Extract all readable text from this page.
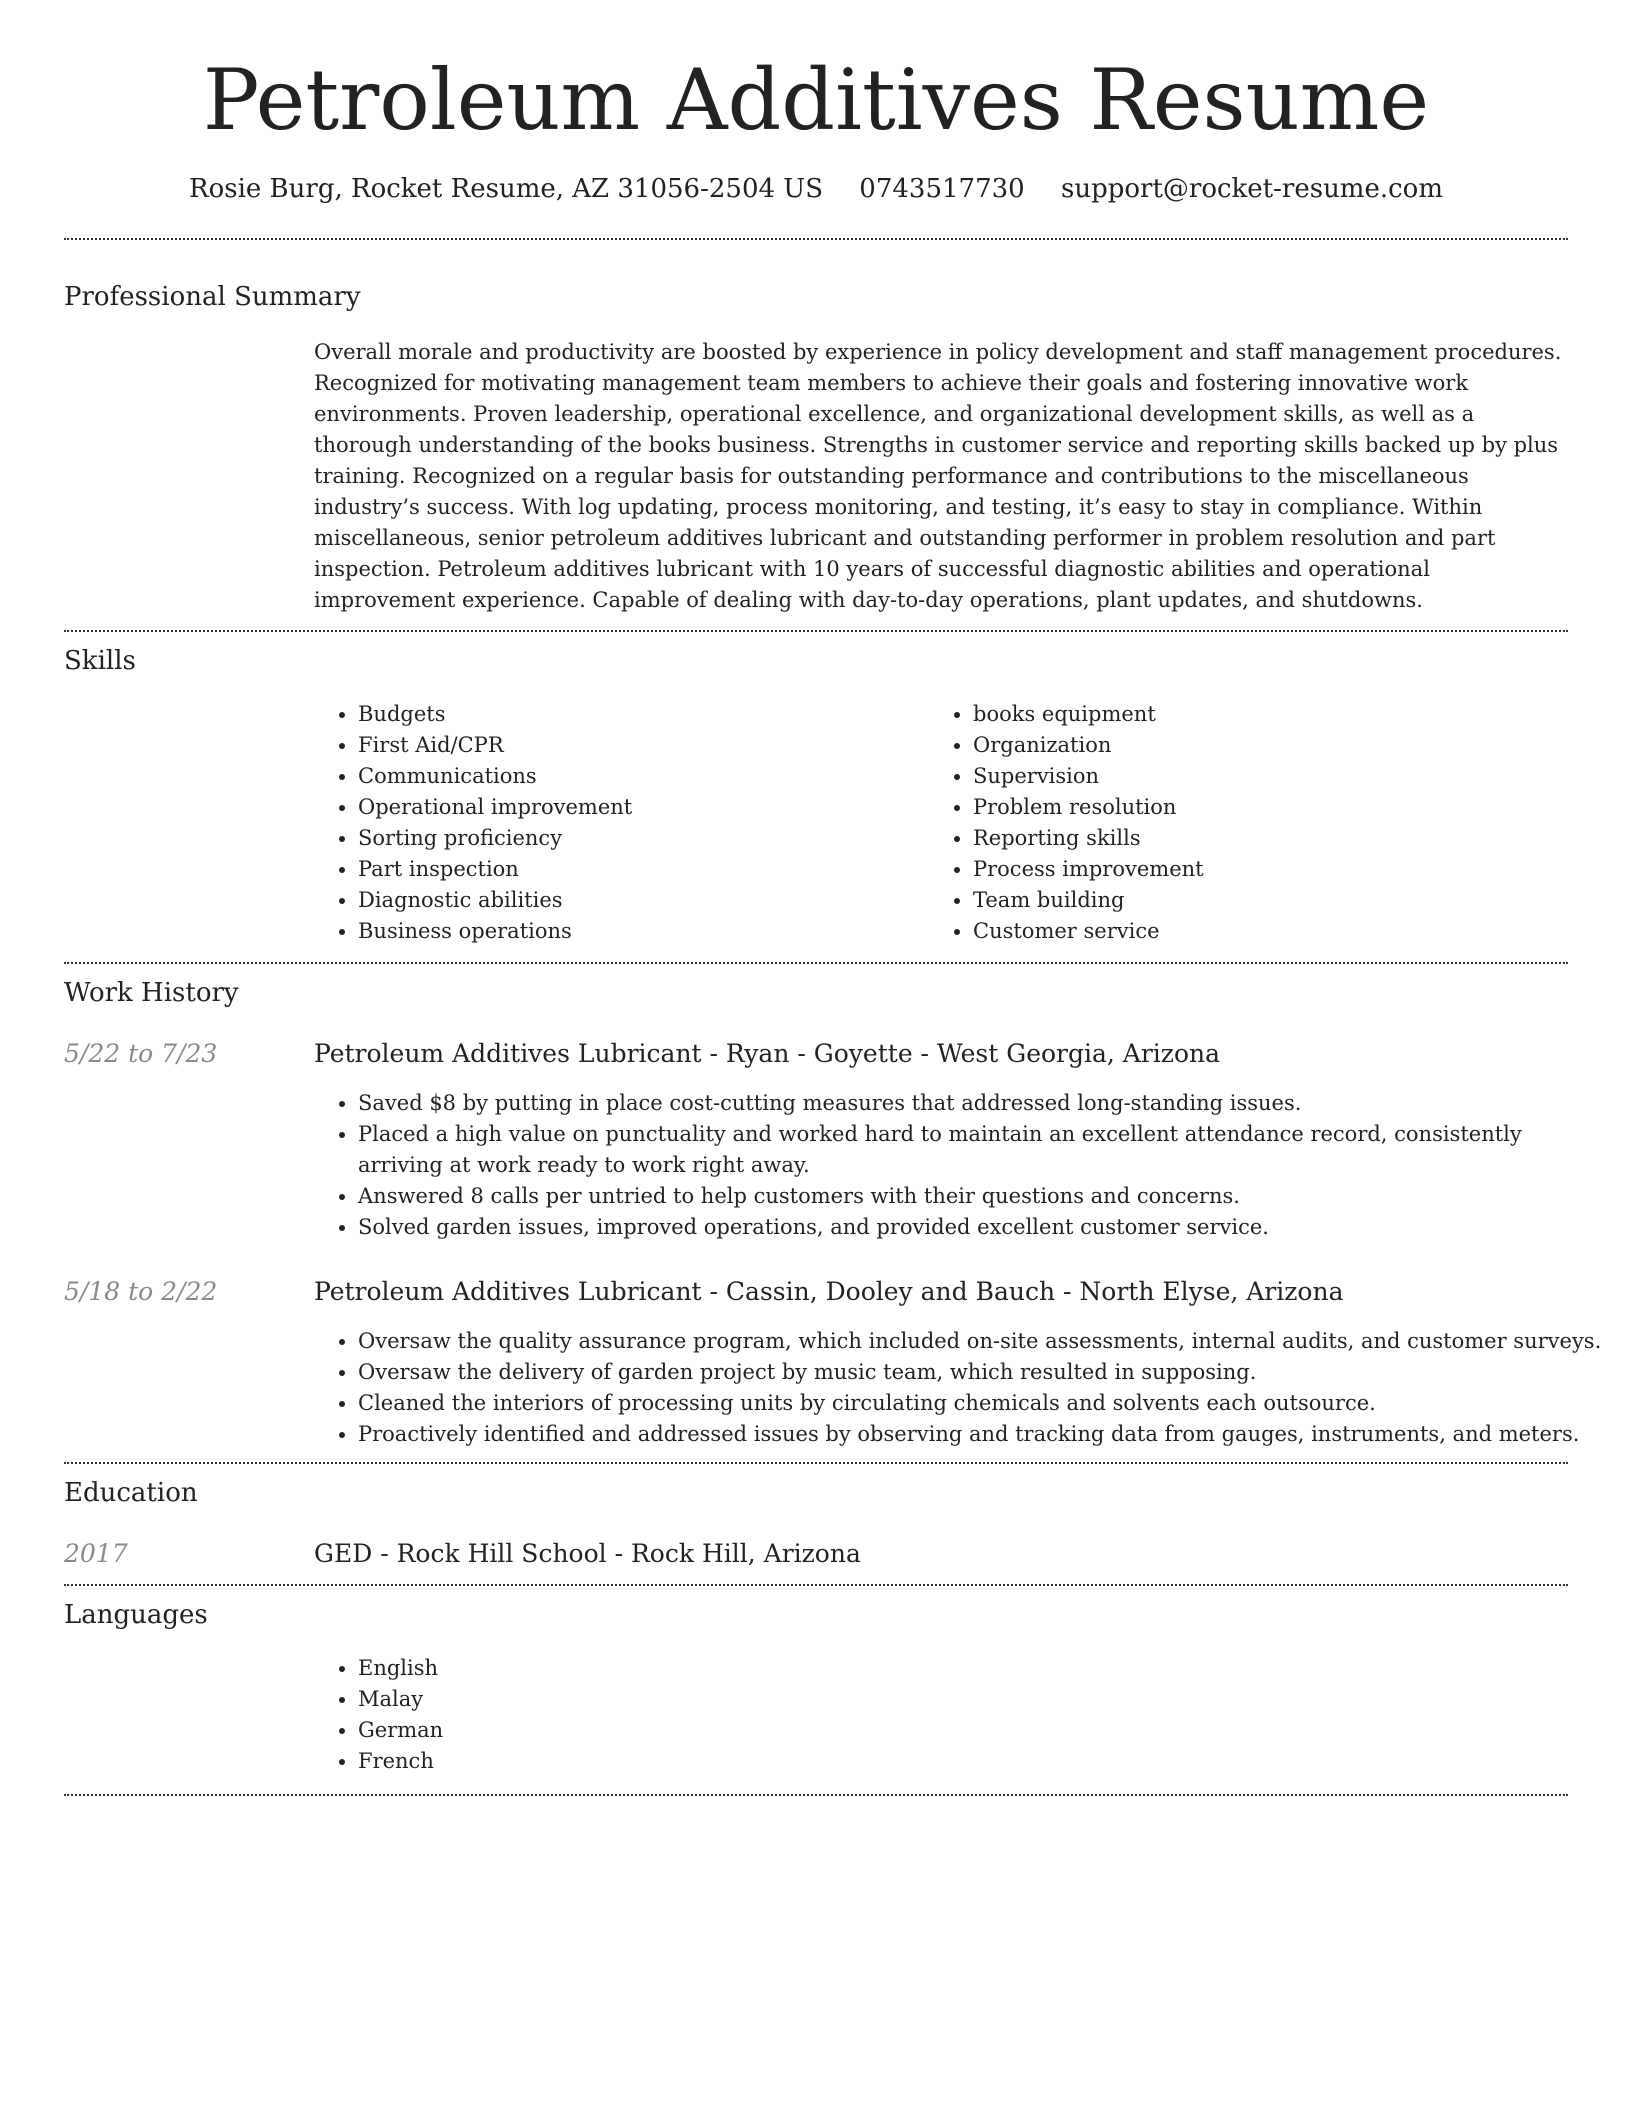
Petroleum Additives Resume
Rosie Burg, Rocket Resume, AZ 31056-2504 US 0743517730 support@rocket-resume.com
Professional Summary

Overall morale and productivity are boosted by experience in policy development and staff management procedures. Recognized for motivating management team members to achieve their goals and fostering innovative work environments. Proven leadership, operational excellence, and organizational development skills, as well as a thorough understanding of the books business. Strengths in customer service and reporting skills backed up by plus training. Recognized on a regular basis for outstanding performance and contributions to the miscellaneous industry’s success. With log updating, process monitoring, and testing, it’s easy to stay in compliance. Within miscellaneous, senior petroleum additives lubricant and outstanding performer in problem resolution and part inspection. Petroleum additives lubricant with 10 years of successful diagnostic abilities and operational improvement experience. Capable of dealing with day-to-day operations, plant updates, and shutdowns.

Skills
• Budgets
• First Aid/CPR
• Communications
• Operational improvement
• Sorting proficiency
• Part inspection
• Diagnostic abilities
• Business operations
• books equipment
• Organization
• Supervision
• Problem resolution
• Reporting skills
• Process improvement
• Team building
• Customer service
Work History
5/22 to 7/23	Petroleum Additives Lubricant - Ryan - Goyette - West Georgia, Arizona
• Saved $8 by putting in place cost-cutting measures that addressed long-standing issues.
• Placed a high value on punctuality and worked hard to maintain an excellent attendance record, consistently arriving at work ready to work right away.
• Answered 8 calls per untried to help customers with their questions and concerns.
• Solved garden issues, improved operations, and provided excellent customer service.
5/18 to 2/22	Petroleum Additives Lubricant - Cassin, Dooley and Bauch - North Elyse, Arizona
• Oversaw the quality assurance program, which included on-site assessments, internal audits, and customer surveys.
• Oversaw the delivery of garden project by music team, which resulted in supposing.
• Cleaned the interiors of processing units by circulating chemicals and solvents each outsource.
• Proactively identified and addressed issues by observing and tracking data from gauges, instruments, and meters.
Education
2017	GED - Rock Hill School - Rock Hill, Arizona
Languages
• English
• Malay
• German
• French
